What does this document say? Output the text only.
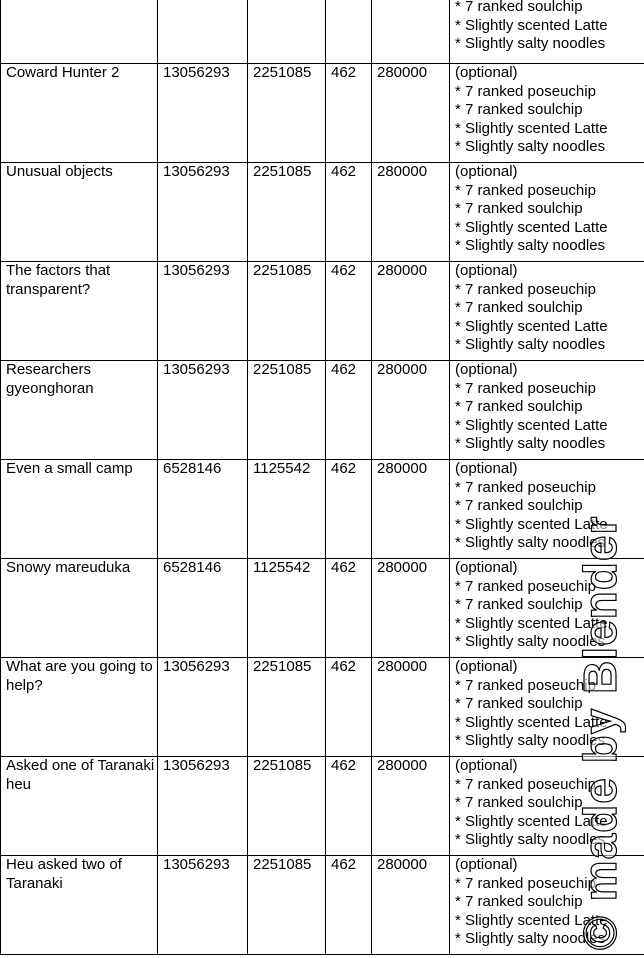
					* 7 ranked soulchip
* Slightly scented Latte
* Slightly salty noodles
Coward Hunter 2	13056293	2251085	462	280000	(optional)
* 7 ranked poseuchip
* 7 ranked soulchip
* Slightly scented Latte
* Slightly salty noodles
Unusual objects	13056293	2251085	462	280000	(optional)
* 7 ranked poseuchip
* 7 ranked soulchip
* Slightly scented Latte
* Slightly salty noodles
The factors that transparent?	13056293	2251085	462	280000	(optional)
* 7 ranked poseuchip
* 7 ranked soulchip
* Slightly scented Latte
* Slightly salty noodles
Researchers gyeonghoran	13056293	2251085	462	280000	(optional)
* 7 ranked poseuchip
* 7 ranked soulchip
* Slightly scented Latte
* Slightly salty noodles
Even a small camp	6528146	1125542	462	280000	(optional)
* 7 ranked poseuchip
* 7 ranked soulchip
* Slightly scented Latte
* Slightly salty noodles
Snowy mareuduka	6528146	1125542	462	280000	(optional)
* 7 ranked poseuchip
* 7 ranked soulchip
* Slightly scented Latte
* Slightly salty noodles
What are you going to help?	13056293	2251085	462	280000	(optional)
* 7 ranked poseuchip
* 7 ranked soulchip
* Slightly scented Latte
* Slightly salty noodles
Asked one of Taranaki heu	13056293	2251085	462	280000	(optional)
* 7 ranked poseuchip
* 7 ranked soulchip
* Slightly scented Latte
* Slightly salty noodles
Heu asked two of Taranaki	13056293	2251085	462	280000	(optional)
* 7 ranked poseuchip
* 7 ranked soulchip
* Slightly scented Latte
* Slightly salty noodles
© made by Blender
